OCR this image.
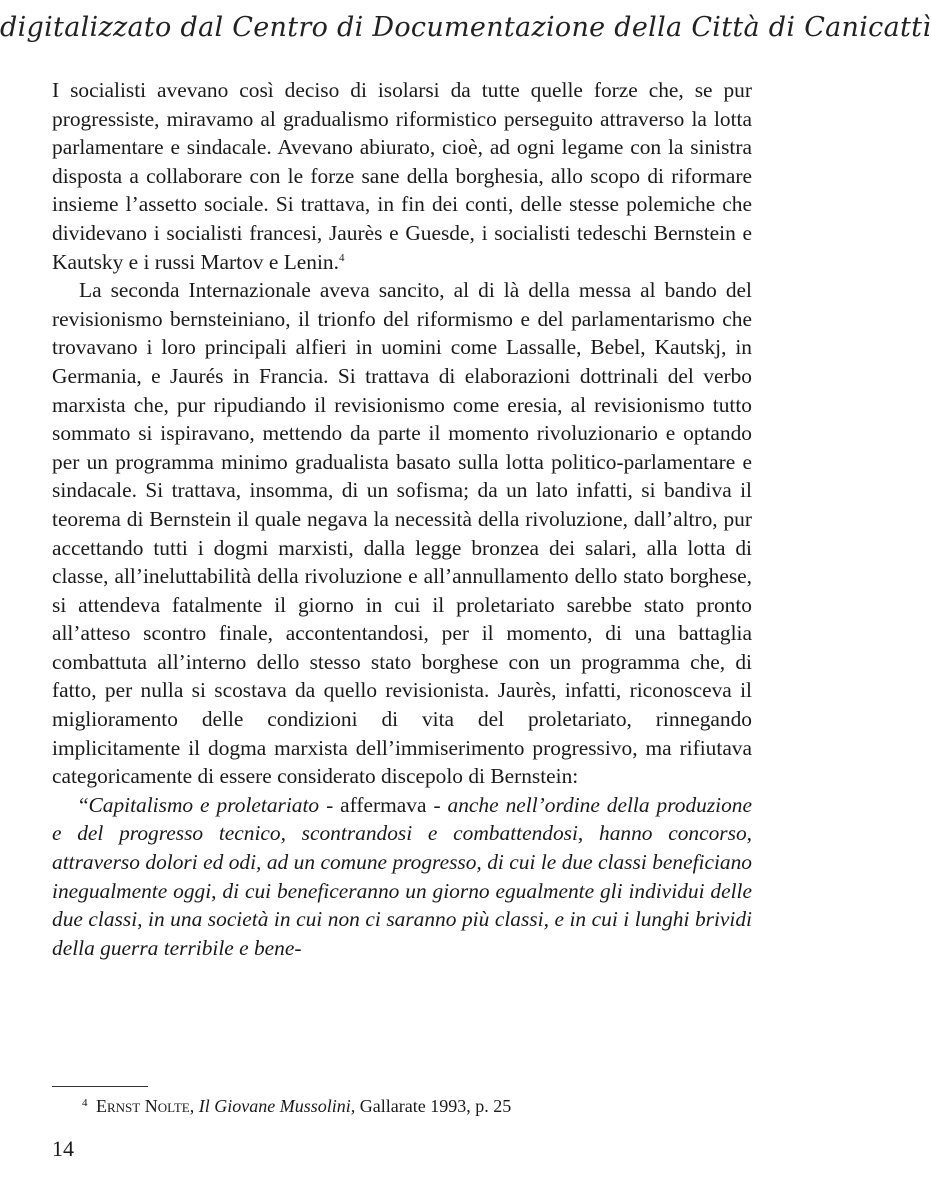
digitalizzato dal Centro di Documentazione della Città di Canicattì

I socialisti avevano così deciso di isolarsi da tutte quelle forze che, se pur progressiste, miravamo al gradualismo riformistico perseguito attraverso la lotta parlamentare e sindacale. Avevano abiurato, cioè, ad ogni legame con la sinistra disposta a collaborare con le forze sane della borghesia, allo scopo di riformare insieme l’assetto sociale. Si trattava, in fin dei conti, delle stesse polemiche che dividevano i socialisti francesi, Jaurès e Guesde, i socialisti tedeschi Bernstein e Kautsky e i russi Martov e Lenin.$^4$

La seconda Internazionale aveva sancito, al di là della messa al bando del revisionismo bernsteiniano, il trionfo del riformismo e del parlamentarismo che trovavano i loro principali alfieri in uomini come Lassalle, Bebel, Kautskj, in Germania, e Jaurés in Francia. Si trattava di elaborazioni dottrinali del verbo marxista che, pur ripudiando il revisionismo come eresia, al revisionismo tutto sommato si ispiravano, mettendo da parte il momento rivoluzionario e optando per un programma minimo gradualista basato sulla lotta politico-parlamentare e sindacale. Si trattava, insomma, di un sofisma; da un lato infatti, si bandiva il teorema di Bernstein il quale negava la necessità della rivoluzione, dall’altro, pur accettando tutti i dogmi marxisti, dalla legge bronzea dei salari, alla lotta di classe, all’ineluttabilità della rivoluzione e all’annullamento dello stato borghese, si attendeva fatalmente il giorno in cui il proletariato sarebbe stato pronto all’atteso scontro finale, accontentandosi, per il momento, di una battaglia combattuta all’interno dello stesso stato borghese con un programma che, di fatto, per nulla si scostava da quello revisionista. Jaurès, infatti, riconosceva il miglioramento delle condizioni di vita del proletariato, rinnegando implicitamente il dogma marxista dell’immiserimento progressivo, ma rifiutava categoricamente di essere considerato discepolo di Bernstein:

“Capitalismo e proletariato - affermava - anche nell’ordine della produzione e del progresso tecnico, scontrandosi e combattendosi, hanno concorso, attraverso dolori ed odi, ad un comune progresso, di cui le due classi beneficiano inegualmente oggi, di cui beneficeranno un giorno egualmente gli individui delle due classi, in una società in cui non ci saranno più classi, e in cui i lunghi brividi della guerra terribile e bene-

$^4$ Ernst Nolte, Il Giovane Mussolini, Gallarate 1993, p. 25
14
